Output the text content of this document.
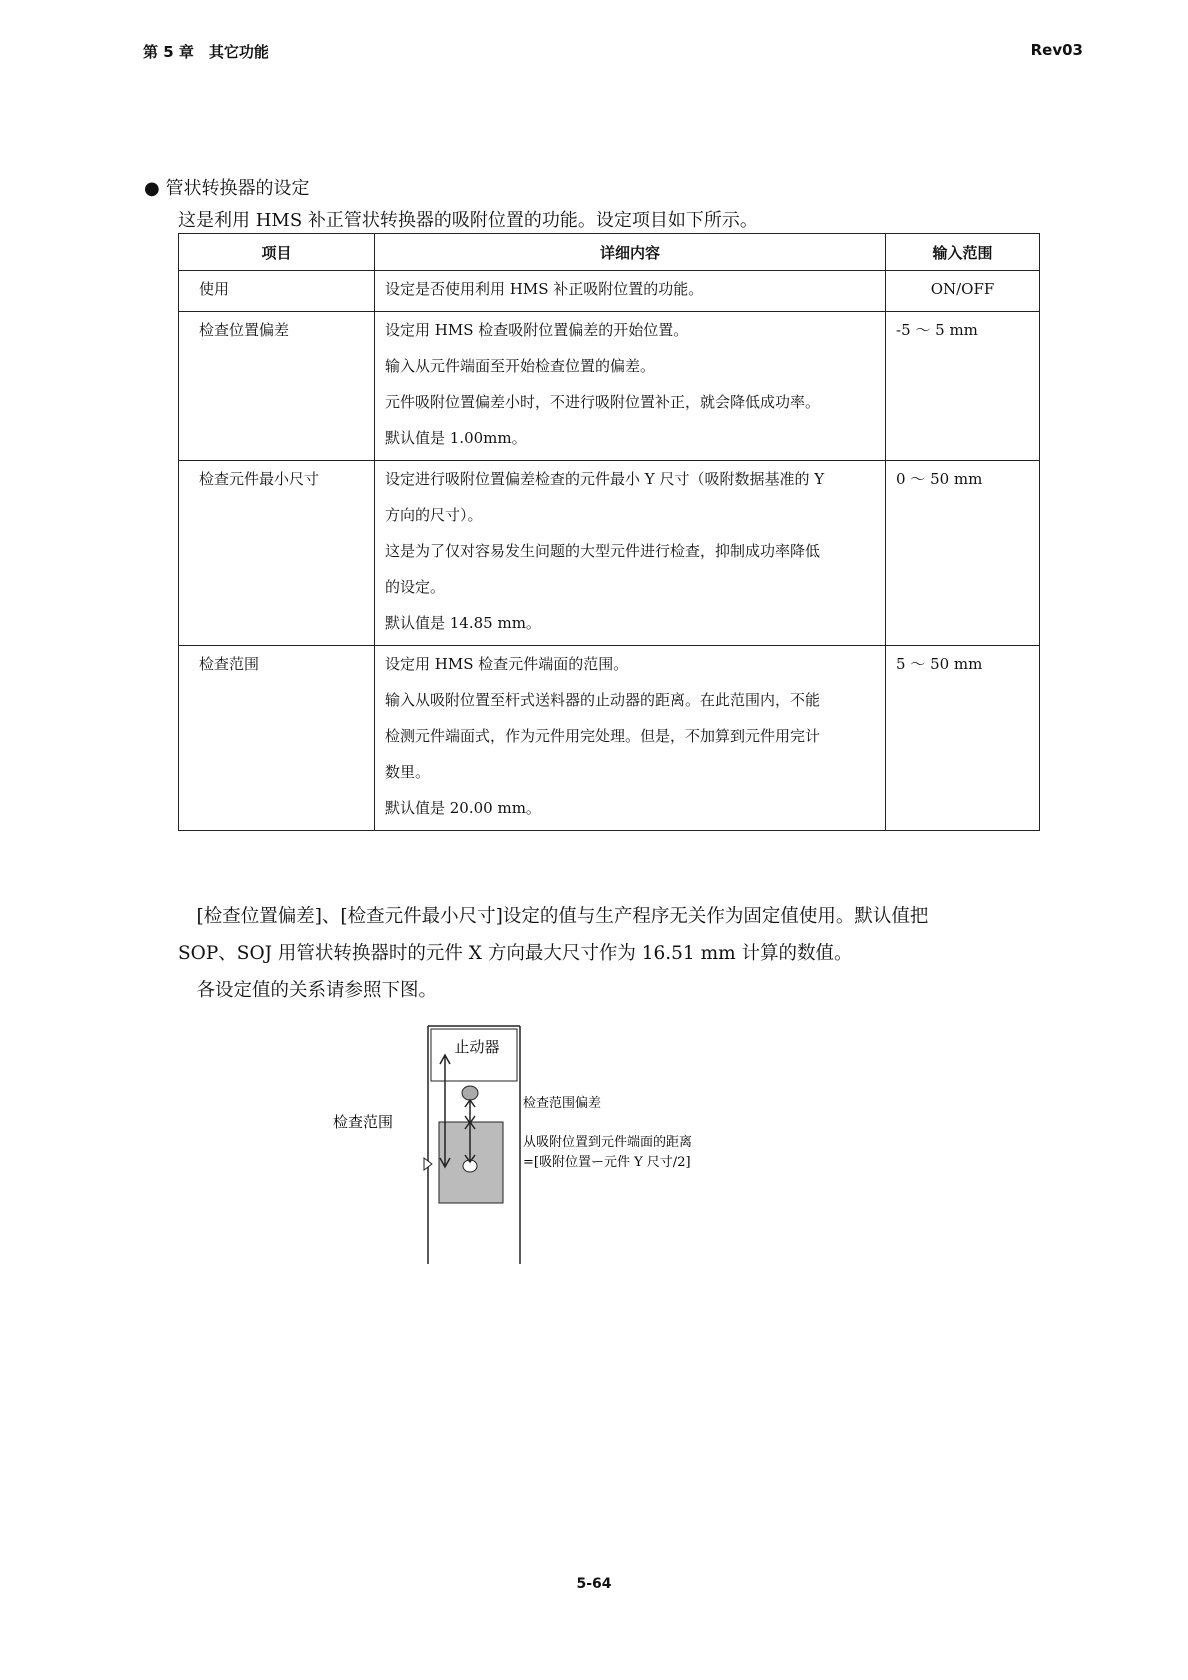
第 5 章　其它功能	Rev03
● 管状转换器的设定
这是利用 HMS 补正管状转换器的吸附位置的功能。设定项目如下所示。
项目	详细内容	输入范围
使用	设定是否使用利用 HMS 补正吸附位置的功能。	ON/OFF
检查位置偏差	设定用 HMS 检查吸附位置偏差的开始位置。
输入从元件端面至开始检查位置的偏差。
元件吸附位置偏差小时，不进行吸附位置补正，就会降低成功率。
默认值是 1.00mm。	-5 ～ 5 mm
检查元件最小尺寸	设定进行吸附位置偏差检查的元件最小 Y 尺寸（吸附数据基准的 Y
方向的尺寸）。
这是为了仅对容易发生问题的大型元件进行检查，抑制成功率降低
的设定。
默认值是 14.85 mm。	0 ～ 50 mm
检查范围	设定用 HMS 检查元件端面的范围。
输入从吸附位置至杆式送料器的止动器的距离。在此范围内，不能
检测元件端面式，作为元件用完处理。但是，不加算到元件用完计
数里。
默认值是 20.00 mm。	5 ～ 50 mm

　[检查位置偏差]、[检查元件最小尺寸]设定的值与生产程序无关作为固定值使用。默认值把

SOP、SOJ 用管状转换器时的元件 X 方向最大尺寸作为 16.51 mm 计算的数值。

　各设定值的关系请参照下图。

止动器
检查范围
检查范围偏差
从吸附位置到元件端面的距离
=[吸附位置ー元件 Y 尺寸/2]
5-64
